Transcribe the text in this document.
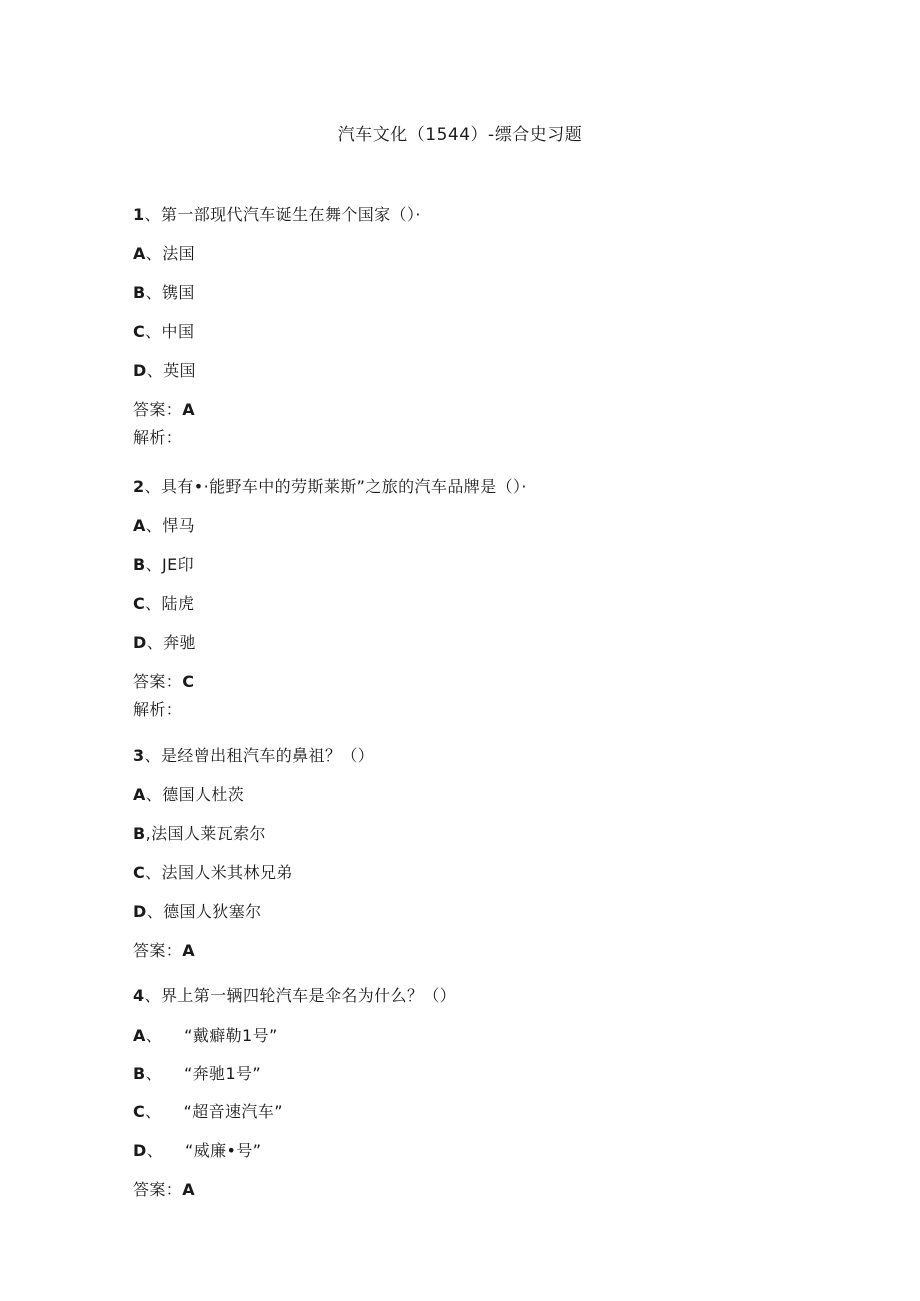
汽车文化（1544）-缥合史习题
1、第一部现代汽车诞生在舞个国家（）·
A、法国
B、镌国
C、中国
D、英国
答案：A
解析：
2、具有•·能野车中的劳斯莱斯”之旅的汽车品牌是（）·
A、悍马
B、JE印
C、陆虎
D、奔驰
答案：C
解析：
3、是经曾出租汽车的鼻祖？（）
A、德国人杜茨
B,法国人莱瓦索尔
C、法国人米其林兄弟
D、德国人狄塞尔
答案：A
4、界上第一辆四轮汽车是伞名为什么？（）
A、    “戴癖勒1号”
B、    “奔驰1号”
C、    “超音速汽车”
D、    “威廉•号”
答案：A
